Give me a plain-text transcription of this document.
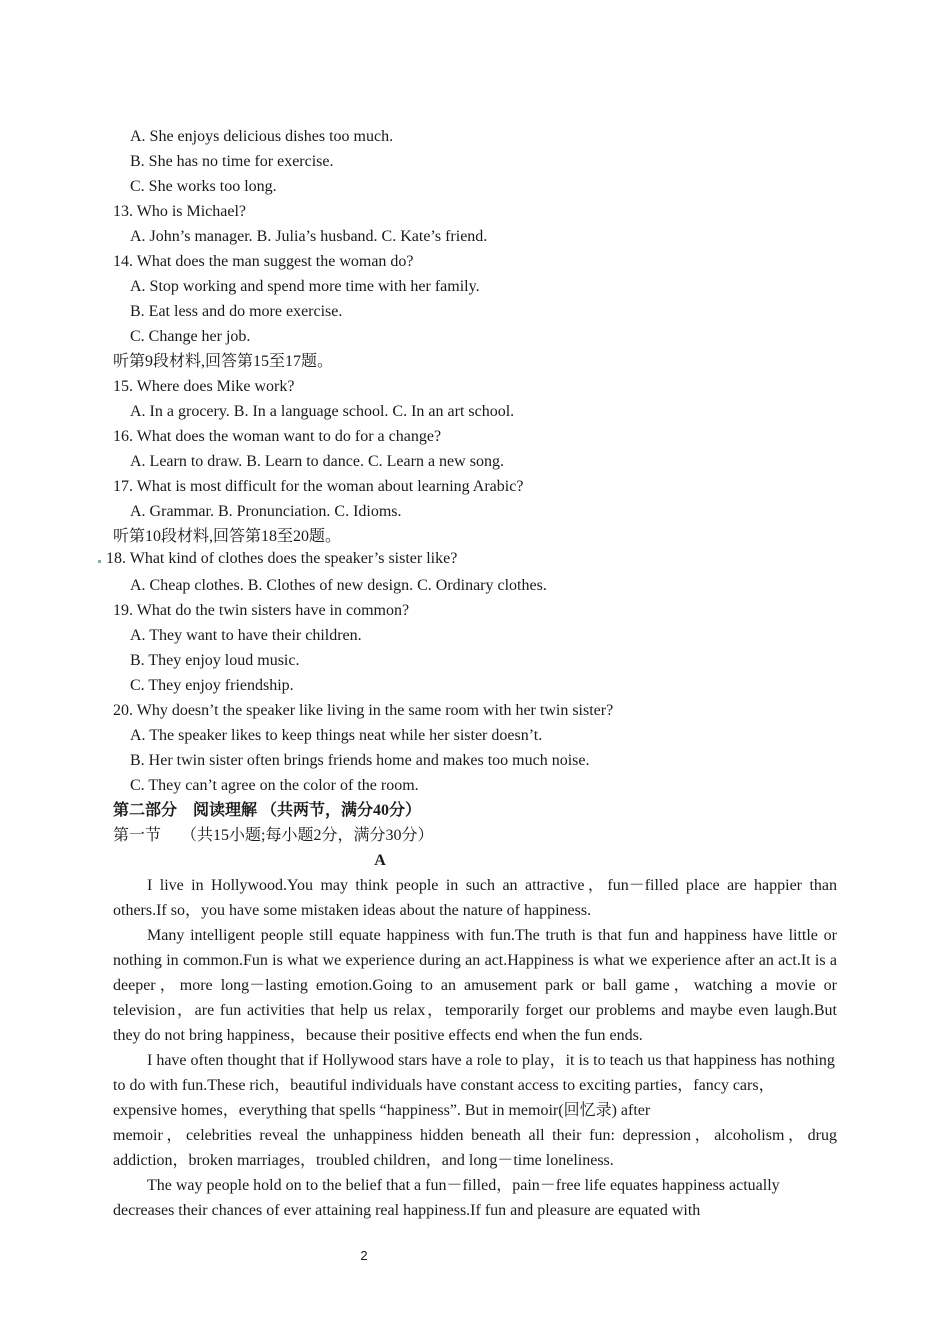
A. She enjoys delicious dishes too much.
B. She has no time for exercise.
C. She works too long.
13. Who is Michael?
A. John’s manager. B. Julia’s husband. C. Kate’s friend.
14. What does the man suggest the woman do?
A. Stop working and spend more time with her family.
B. Eat less and do more exercise.
C. Change her job.
听第9段材料,回答第15至17题。
15. Where does Mike work?
A. In a grocery. B. In a language school. C. In an art school.
16. What does the woman want to do for a change?
A. Learn to draw. B. Learn to dance. C. Learn a new song.
17. What is most difficult for the woman about learning Arabic?
A. Grammar. B. Pronunciation. C. Idioms.
听第10段材料,回答第18至20题。
18. What kind of clothes does the speaker’s sister like?
A. Cheap clothes. B. Clothes of new design. C. Ordinary clothes.
19. What do the twin sisters have in common?
A. They want to have their children.
B. They enjoy loud music.
C. They enjoy friendship.
20. Why doesn’t the speaker like living in the same room with her twin sister?
A. The speaker likes to keep things neat while her sister doesn’t.
B. Her twin sister often brings friends home and makes too much noise.
C. They can’t agree on the color of the room.
第二部分　阅读理解 （共两节，满分40分）
第一节　 （共15小题;每小题2分，满分30分）
A
I live in Hollywood.You may think people in such an attractive，fun－filled place are happier than others.If so，you have some mistaken ideas about the nature of happiness.
Many intelligent people still equate happiness with fun.The truth is that fun and happiness have little or nothing in common.Fun is what we experience during an act.Happiness is what we experience after an act.It is a deeper，more long－lasting emotion.Going to an amusement park or ball game，watching a movie or television，are fun activities that help us relax，temporarily forget our problems and maybe even laugh.But they do not bring happiness，because their positive effects end when the fun ends.
I have often thought that if Hollywood stars have a role to play，it is to teach us that happiness has nothing to do with fun.These rich，beautiful individuals have constant access to exciting parties，fancy cars，expensive homes，everything that spells “happiness”. But in memoir(回忆录) after
memoir，celebrities reveal the unhappiness hidden beneath all their fun: depression，alcoholism，drug addiction，broken marriages，troubled children，and long－time loneliness.
The way people hold on to the belief that a fun－filled，pain－free life equates happiness actually decreases their chances of ever attaining real happiness.If fun and pleasure are equated with
2
